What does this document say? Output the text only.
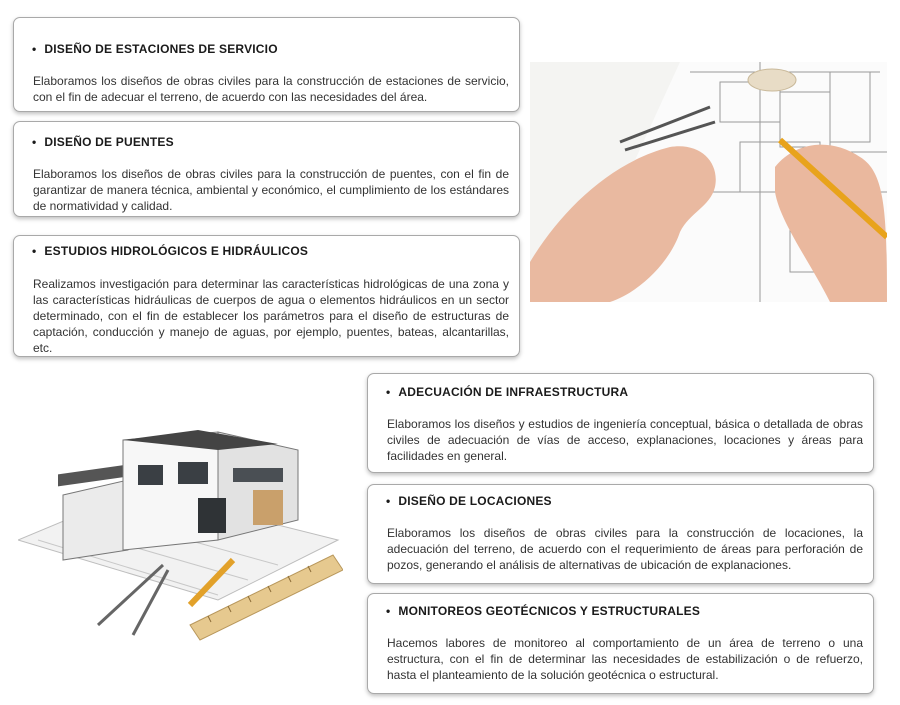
• DISEÑO DE ESTACIONES DE SERVICIO
Elaboramos los diseños de obras civiles para la construcción de estaciones de servicio, con el fin de adecuar el terreno, de acuerdo con las necesidades del área.
• DISEÑO DE PUENTES
Elaboramos los diseños de obras civiles para la construcción de puentes, con el fin de garantizar de manera técnica, ambiental y económico, el cumplimiento de los estándares de normatividad y calidad.
• ESTUDIOS HIDROLÓGICOS E HIDRÁULICOS
Realizamos investigación para determinar las características hidrológicas de una zona y las características hidráulicas de cuerpos de agua o elementos hidráulicos en un sector determinado, con el fin de establecer los parámetros para el diseño de estructuras de captación, conducción y manejo de aguas, por ejemplo, puentes, bateas, alcantarillas, etc.
• ADECUACIÓN DE INFRAESTRUCTURA
Elaboramos los diseños y estudios de ingeniería conceptual, básica o detallada de obras civiles de adecuación de vías de acceso, explanaciones, locaciones y áreas para facilidades en general.
• DISEÑO DE LOCACIONES
Elaboramos los diseños de obras civiles para la construcción de locaciones, la adecuación del terreno, de acuerdo con el requerimiento de áreas para perforación de pozos, generando el análisis de alternativas de ubicación de explanaciones.
• MONITOREOS GEOTÉCNICOS Y ESTRUCTURALES
Hacemos labores de monitoreo al comportamiento de un área de terreno o una estructura, con el fin de determinar las necesidades de estabilización o de refuerzo, hasta el planteamiento de la solución geotécnica o estructural.
